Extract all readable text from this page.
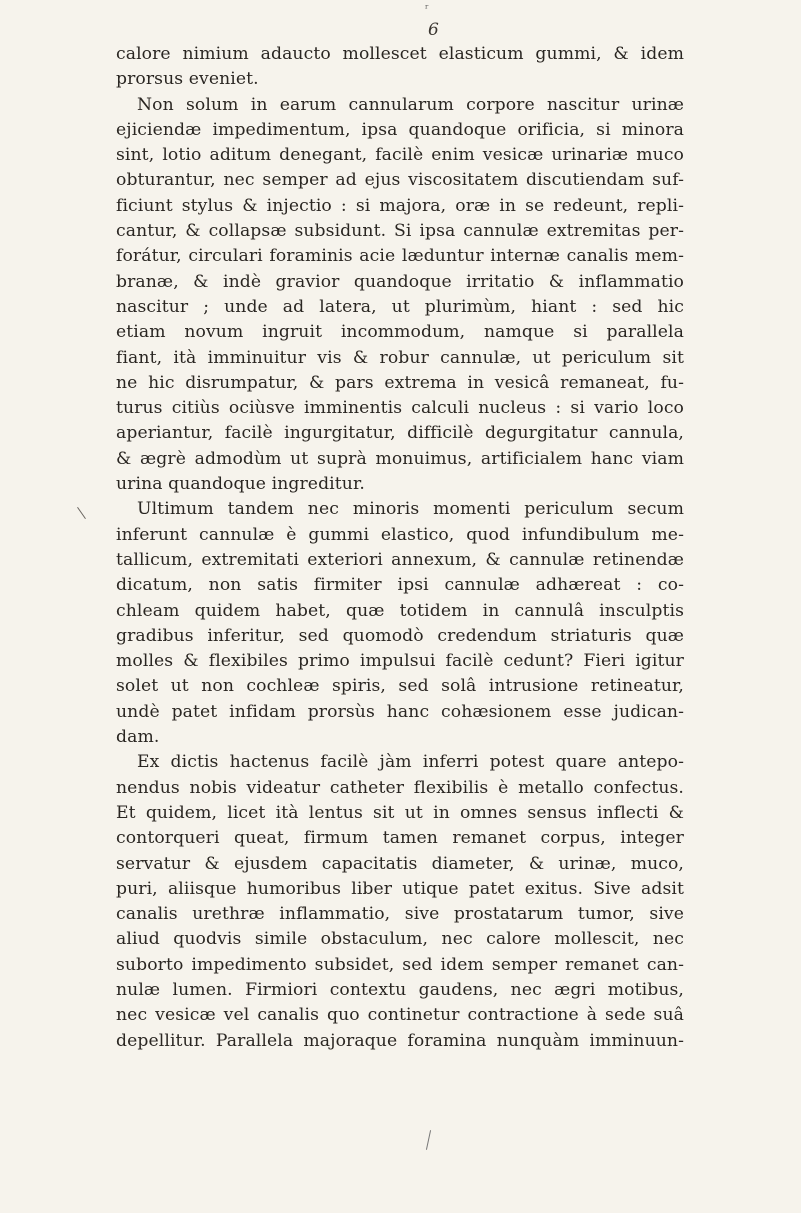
ʳ
6
calore nimium adaucto mollescet elasticum gummi, & idem
prorsus eveniet.
Non solum in earum cannularum corpore nascitur urinæ
ejiciendæ impedimentum, ipsa quandoque orificia, si minora
sint, lotio aditum denegant, facilè enim vesicæ urinariæ muco
obturantur, nec semper ad ejus viscositatem discutiendam suf-
ficiunt stylus & injectio : si majora, oræ in se redeunt, repli-
cantur, & collapsæ subsidunt. Si ipsa cannulæ extremitas per-
forátur, circulari foraminis acie læduntur internæ canalis mem-
branæ, & indè gravior quandoque irritatio & inflammatio
nascitur ; unde ad latera, ut plurimùm, hiant : sed hic
etiam novum ingruit incommodum, namque si parallela
fiant, ità imminuitur vis & robur cannulæ, ut periculum sit
ne hic disrumpatur, & pars extrema in vesicâ remaneat, fu-
turus citiùs ociùsve imminentis calculi nucleus : si vario loco
aperiantur, facilè ingurgitatur, difficilè degurgitatur cannula,
& ægrè admodùm ut suprà monuimus, artificialem hanc viam
urina quandoque ingreditur.
Ultimum tandem nec minoris momenti periculum secum
inferunt cannulæ è gummi elastico, quod infundibulum me-
tallicum, extremitati exteriori annexum, & cannulæ retinendæ
dicatum, non satis firmiter ipsi cannulæ adhæreat : co-
chleam quidem habet, quæ totidem in cannulâ insculptis
gradibus inferitur, sed quomodò credendum striaturis quæ
molles & flexibiles primo impulsui facilè cedunt? Fieri igitur
solet ut non cochleæ spiris, sed solâ intrusione retineatur,
undè patet infidam prorsùs hanc cohæsionem esse judican-
dam.
Ex dictis hactenus facilè jàm inferri potest quare antepo-
nendus nobis videatur catheter flexibilis è metallo confectus.
Et quidem, licet ità lentus sit ut in omnes sensus inflecti &
contorqueri queat, firmum tamen remanet corpus, integer
servatur & ejusdem capacitatis diameter, & urinæ, muco,
puri, aliisque humoribus liber utique patet exitus. Sive adsit
canalis urethræ inflammatio, sive prostatarum tumor, sive
aliud quodvis simile obstaculum, nec calore mollescit, nec
suborto impedimento subsidet, sed idem semper remanet can-
nulæ lumen. Firmiori contextu gaudens, nec ægri motibus,
nec vesicæ vel canalis quo continetur contractione à sede suâ
depellitur. Parallela majoraque foramina nunquàm imminuun-
